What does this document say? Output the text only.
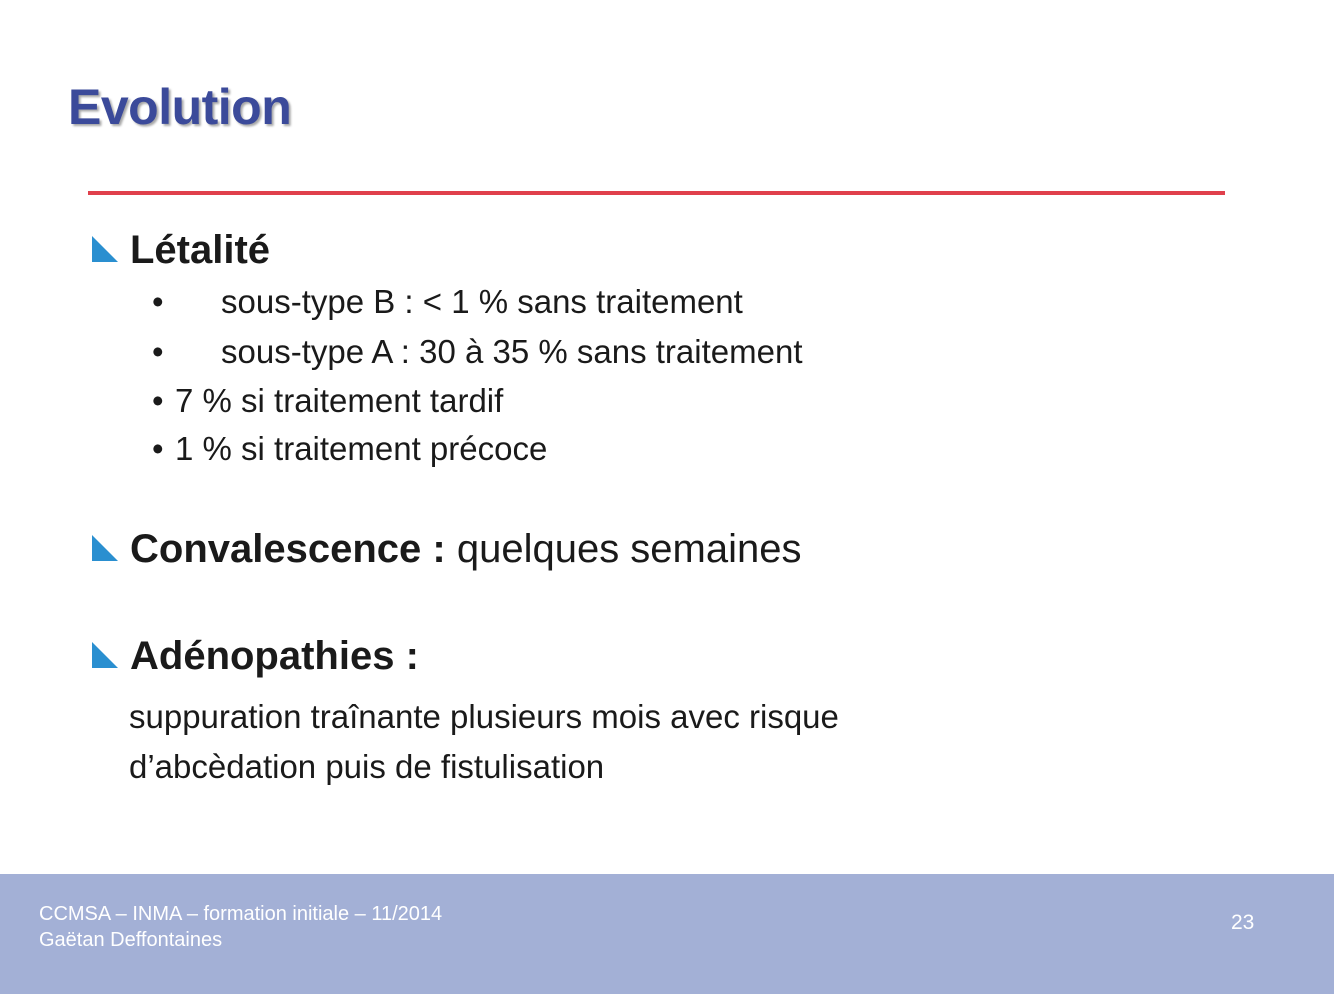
Evolution
Létalité
• sous-type B : < 1 % sans traitement
• sous-type A : 30 à 35 % sans traitement
• 7 % si traitement tardif
• 1 % si traitement précoce
Convalescence :
quelques semaines
Adénopathies :
suppuration traînante plusieurs mois avec risque
d’abcèdation puis de fistulisation
CCMSA – INMA – formation initiale – 11/2014
Gaëtan Deffontaines
23
